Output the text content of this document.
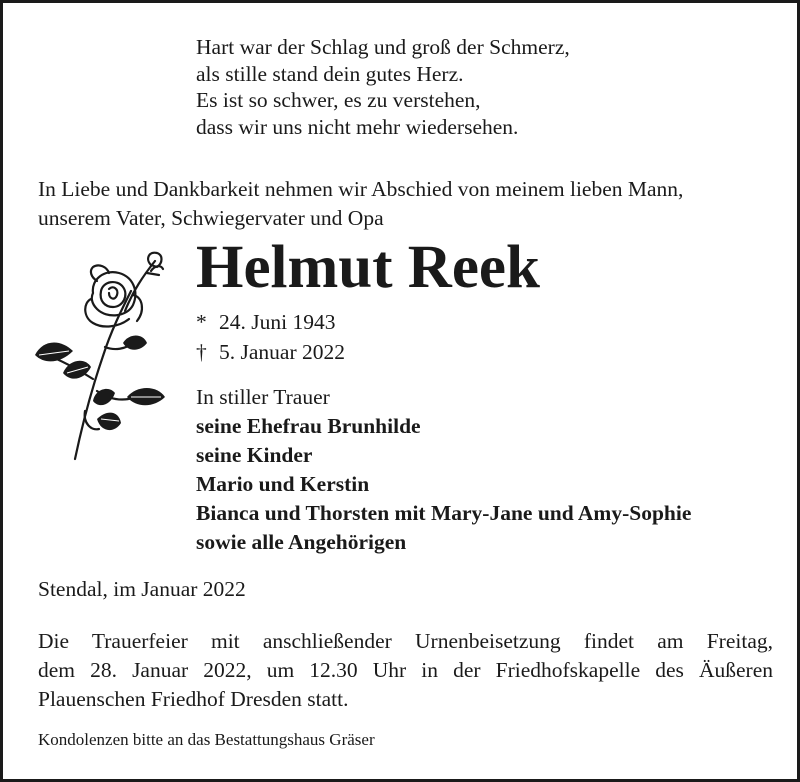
Hart war der Schlag und groß der Schmerz,
als stille stand dein gutes Herz.
Es ist so schwer, es zu verstehen,
dass wir uns nicht mehr wiedersehen.
In Liebe und Dankbarkeit nehmen wir Abschied von meinem lieben Mann,
unserem Vater, Schwiegervater und Opa
Helmut Reek
* 24. Juni 1943
† 5. Januar 2022
In stiller Trauer
seine Ehefrau Brunhilde
seine Kinder
Mario und Kerstin
Bianca und Thorsten mit Mary-Jane und Amy-Sophie
sowie alle Angehörigen
Stendal, im Januar 2022
Die Trauerfeier mit anschließender Urnenbeisetzung findet am Freitag,
dem 28. Januar 2022, um 12.30 Uhr in der Friedhofskapelle des Äußeren
Plauenschen Friedhof Dresden statt.
Kondolenzen bitte an das Bestattungshaus Gräser
